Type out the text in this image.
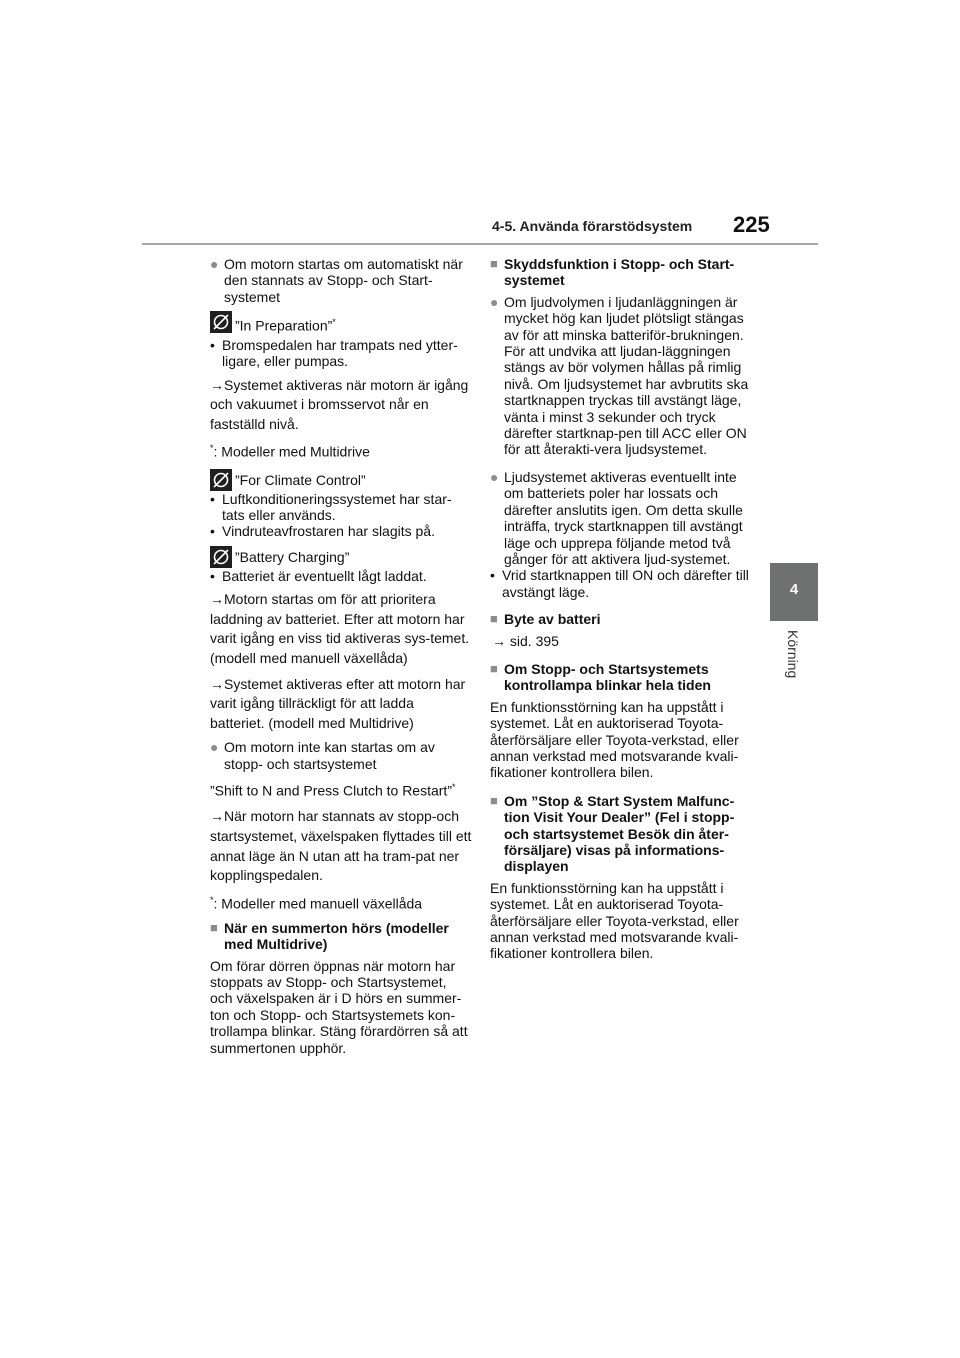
4-5. Använda förarstödsystem 225
4
Körning
● Om motorn startas om automatiskt när den stannats av Stopp- och Start-systemet
”In Preparation”*
• Bromspedalen har trampats ned ytter-ligare, eller pumpas.
→Systemet aktiveras när motorn är igång och vakuumet i bromsservot når en fastställd nivå.
*: Modeller med Multidrive
”For Climate Control”
• Luftkonditioneringssystemet har star-tats eller används.
• Vindruteavfrostaren har slagits på.
”Battery Charging”
• Batteriet är eventuellt lågt laddat.
→Motorn startas om för att prioritera laddning av batteriet. Efter att motorn har varit igång en viss tid aktiveras sys-temet. (modell med manuell växellåda)
→Systemet aktiveras efter att motorn har varit igång tillräckligt för att ladda batteriet. (modell med Multidrive)
● Om motorn inte kan startas om av stopp- och startsystemet
”Shift to N and Press Clutch to Restart”*
→När motorn har stannats av stopp-och startsystemet, växelspaken flyttades till ett annat läge än N utan att ha tram-pat ner kopplingspedalen.
*: Modeller med manuell växellåda
■ När en summerton hörs (modeller med Multidrive)
Om förar dörren öppnas när motorn har stoppats av Stopp- och Startsystemet, och växelspaken är i D hörs en summer-ton och Stopp- och Startsystemets kon-trollampa blinkar. Stäng förardörren så att summertonen upphör.
■ Skyddsfunktion i Stopp- och Start-systemet
● Om ljudvolymen i ljudanläggningen är mycket hög kan ljudet plötsligt stängas av för att minska batteriför-brukningen. För att undvika att ljudan-läggningen stängs av bör volymen hållas på rimlig nivå. Om ljudsystemet har avbrutits ska startknappen tryckas till avstängt läge, vänta i minst 3 sekunder och tryck därefter startknap-pen till ACC eller ON för att återakti-vera ljudsystemet.
● Ljudsystemet aktiveras eventuellt inte om batteriets poler har lossats och därefter anslutits igen. Om detta skulle inträffa, tryck startknappen till avstängt läge och upprepa följande metod två gånger för att aktivera ljud-systemet.
• Vrid startknappen till ON och därefter till avstängt läge.
■ Byte av batteri
→ sid. 395
■ Om Stopp- och Startsystemets kontrollampa blinkar hela tiden
En funktionsstörning kan ha uppstått i systemet. Låt en auktoriserad Toyota-återförsäljare eller Toyota-verkstad, eller annan verkstad med motsvarande kvali-fikationer kontrollera bilen.
■ Om ”Stop & Start System Malfunc-tion Visit Your Dealer” (Fel i stopp-och startsystemet Besök din åter-försäljare) visas på informations-displayen
En funktionsstörning kan ha uppstått i systemet. Låt en auktoriserad Toyota-återförsäljare eller Toyota-verkstad, eller annan verkstad med motsvarande kvali-fikationer kontrollera bilen.
